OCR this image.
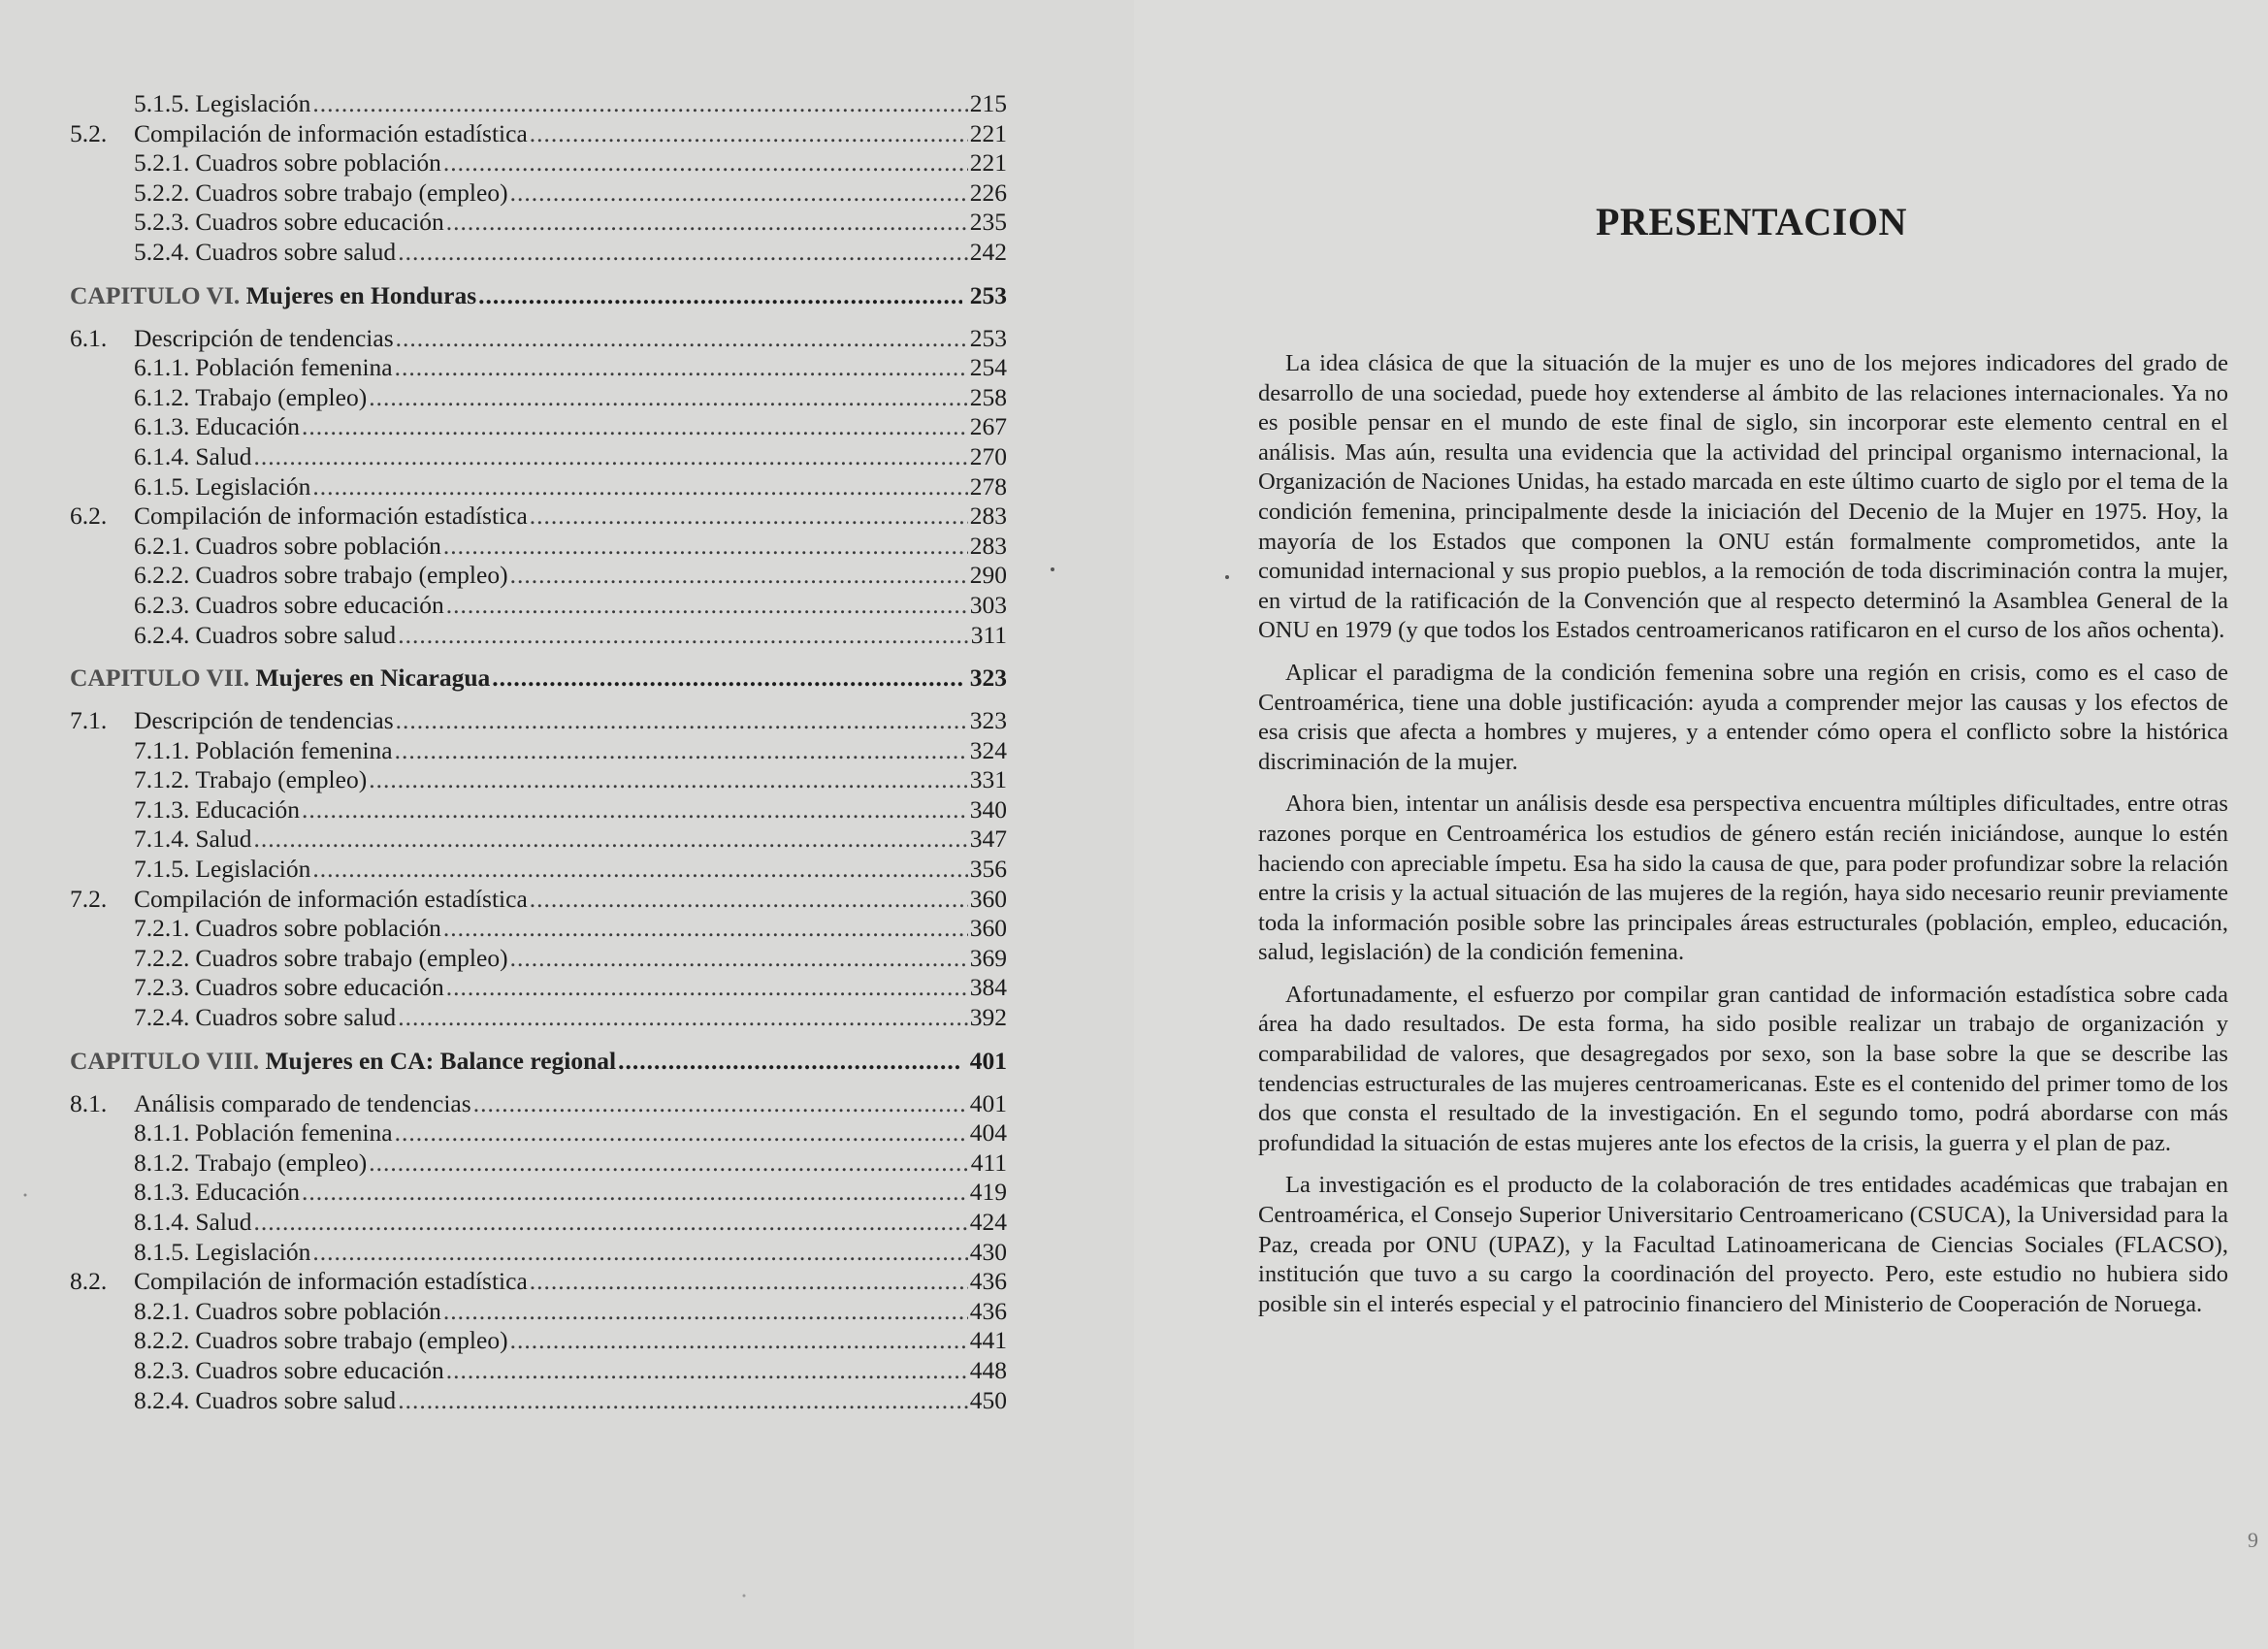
5.1.5. Legislación .....	215
5.2.	Compilación de información estadística .....	221
5.2.1. Cuadros sobre población .....	221
5.2.2. Cuadros sobre trabajo (empleo) .....	226
5.2.3. Cuadros sobre educación .....	235
5.2.4. Cuadros sobre salud .....	242
CAPITULO VI.
Mujeres en Honduras .....	253
6.1.	Descripción de tendencias .....	253
6.1.1. Población femenina .....	254
6.1.2. Trabajo (empleo) .....	258
6.1.3. Educación .....	267
6.1.4. Salud .....	270
6.1.5. Legislación .....	278
6.2.	Compilación de información estadística .....	283
6.2.1. Cuadros sobre población .....	283
6.2.2. Cuadros sobre trabajo (empleo) .....	290
6.2.3. Cuadros sobre educación .....	303
6.2.4. Cuadros sobre salud .....	311
CAPITULO VII.
Mujeres en Nicaragua .....	323
7.1.	Descripción de tendencias .....	323
7.1.1. Población femenina .....	324
7.1.2. Trabajo (empleo) .....	331
7.1.3. Educación .....	340
7.1.4. Salud .....	347
7.1.5. Legislación .....	356
7.2.	Compilación de información estadística .....	360
7.2.1. Cuadros sobre población .....	360
7.2.2. Cuadros sobre trabajo (empleo) .....	369
7.2.3. Cuadros sobre educación .....	384
7.2.4. Cuadros sobre salud .....	392
CAPITULO VIII.
Mujeres en CA: Balance regional .....	401
8.1.	Análisis comparado de tendencias .....	401
8.1.1. Población femenina .....	404
8.1.2. Trabajo (empleo) .....	411
8.1.3. Educación .....	419
8.1.4. Salud .....	424
8.1.5. Legislación .....	430
8.2.	Compilación de información estadística .....	436
8.2.1. Cuadros sobre población .....	436
8.2.2. Cuadros sobre trabajo (empleo) .....	441
8.2.3. Cuadros sobre educación .....	448
8.2.4. Cuadros sobre salud .....	450
PRESENTACION

La idea clásica de que la situación de la mujer es uno de los mejores indicadores del grado de desarrollo de una sociedad, puede hoy extenderse al ámbito de las relaciones internacionales. Ya no es posible pensar en el mundo de este final de siglo, sin incorporar este elemento central en el análisis. Mas aún, resulta una evidencia que la actividad del principal organismo internacional, la Organización de Naciones Unidas, ha estado marcada en este último cuarto de siglo por el tema de la condición femenina, principalmente desde la iniciación del Decenio de la Mujer en 1975. Hoy, la mayoría de los Estados que componen la ONU están formalmente comprometidos, ante la comunidad internacional y sus propio pueblos, a la remoción de toda discriminación contra la mujer, en virtud de la ratificación de la Convención que al respecto determinó la Asamblea General de la ONU en 1979 (y que todos los Estados centroamericanos ratificaron en el curso de los años ochenta).

Aplicar el paradigma de la condición femenina sobre una región en crisis, como es el caso de Centroamérica, tiene una doble justificación: ayuda a comprender mejor las causas y los efectos de esa crisis que afecta a hombres y mujeres, y a entender cómo opera el conflicto sobre la histórica discriminación de la mujer.

Ahora bien, intentar un análisis desde esa perspectiva encuentra múltiples dificultades, entre otras razones porque en Centroamérica los estudios de género están recién iniciándose, aunque lo estén haciendo con apreciable ímpetu. Esa ha sido la causa de que, para poder profundizar sobre la relación entre la crisis y la actual situación de las mujeres de la región, haya sido necesario reunir previamente toda la información posible sobre las principales áreas estructurales (población, empleo, educación, salud, legislación) de la condición femenina.

Afortunadamente, el esfuerzo por compilar gran cantidad de información estadística sobre cada área ha dado resultados. De esta forma, ha sido posible realizar un trabajo de organización y comparabilidad de valores, que desagregados por sexo, son la base sobre la que se describe las tendencias estructurales de las mujeres centroamericanas. Este es el contenido del primer tomo de los dos que consta el resultado de la investigación. En el segundo tomo, podrá abordarse con más profundidad la situación de estas mujeres ante los efectos de la crisis, la guerra y el plan de paz.

La investigación es el producto de la colaboración de tres entidades académicas que trabajan en Centroamérica, el Consejo Superior Universitario Centroamericano (CSUCA), la Universidad para la Paz, creada por ONU (UPAZ), y la Facultad Latinoamericana de Ciencias Sociales (FLACSO), institución que tuvo a su cargo la coordinación del proyecto. Pero, este estudio no hubiera sido posible sin el interés especial y el patrocinio financiero del Ministerio de Cooperación de Noruega.

9
